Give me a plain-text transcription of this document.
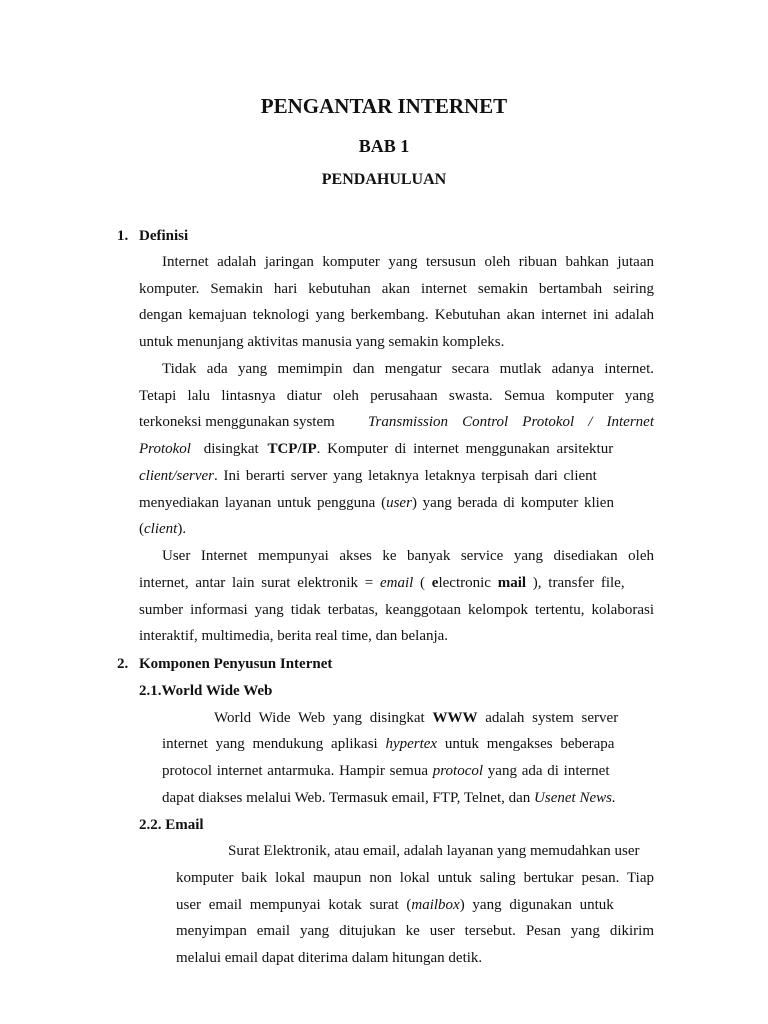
PENGANTAR INTERNET
BAB 1
PENDAHULUAN
1. Definisi
Internet adalah jaringan komputer yang tersusun oleh ribuan bahkan jutaan
komputer. Semakin hari kebutuhan akan internet semakin bertambah seiring
dengan kemajuan teknologi yang berkembang. Kebutuhan akan internet ini adalah
untuk menunjang aktivitas manusia yang semakin kompleks.
Tidak ada yang memimpin dan mengatur secara mutlak adanya internet.
Tetapi lalu lintasnya diatur oleh perusahaan swasta. Semua komputer yang
terkoneksi menggunakan system Transmission Control Protokol / Internet
Protokol disingkat TCP/IP. Komputer di internet menggunakan arsitektur
client/server. Ini berarti server yang letaknya letaknya terpisah dari client
menyediakan layanan untuk pengguna (user) yang berada di komputer klien
(client).
User Internet mempunyai akses ke banyak service yang disediakan oleh
internet, antar lain surat elektronik = email ( electronic mail ), transfer file,
sumber informasi yang tidak terbatas, keanggotaan kelompok tertentu, kolaborasi
interaktif, multimedia, berita real time, dan belanja.
2. Komponen Penyusun Internet
2.1.World Wide Web
World Wide Web yang disingkat WWW adalah system server
internet yang mendukung aplikasi hypertex untuk mengakses beberapa
protocol internet antarmuka. Hampir semua protocol yang ada di internet
dapat diakses melalui Web. Termasuk email, FTP, Telnet, dan Usenet News.
2.2. Email
Surat Elektronik, atau email, adalah layanan yang memudahkan user
komputer baik lokal maupun non lokal untuk saling bertukar pesan. Tiap
user email mempunyai kotak surat (mailbox) yang digunakan untuk
menyimpan email yang ditujukan ke user tersebut. Pesan yang dikirim
melalui email dapat diterima dalam hitungan detik.
